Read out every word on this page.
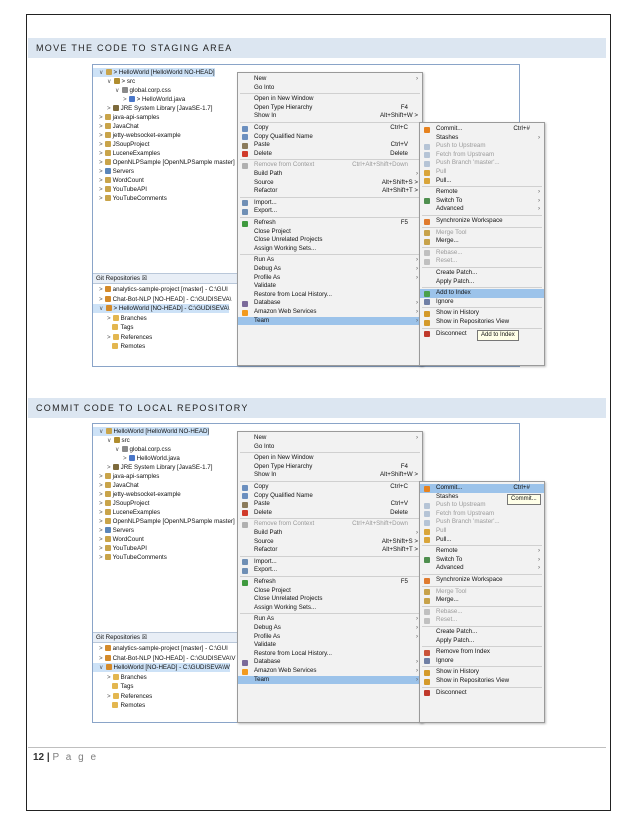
MOVE THE CODE TO STAGING AREA
∨ > HelloWorld [HelloWorld NO-HEAD]
∨ > src
∨ global.corp.css
> > HelloWorld.java
> JRE System Library [JavaSE-1.7]
> java-api-samples
> JavaChat
> jetty-websocket-example
> JSoupProject
> LuceneExamples
> OpenNLPSample [OpenNLPSample master]
> Servers
> WordCount
> YouTubeAPI
> YouTubeComments
Git Repositories ☒
> analytics-sample-project [master] - C:\GUI
> Chat-Bot-NLP [NO-HEAD] - C:\GUDISEVA\
∨ > HelloWorld [NO-HEAD] - C:\GUDISEVA\
> Branches
Tags
> References
Remotes
New	›
Go Into
Open in New Window
Open Type Hierarchy	F4
Show In	Alt+Shift+W >
Copy	Ctrl+C
Copy Qualified Name
Paste	Ctrl+V
Delete	Delete
Remove from Context	Ctrl+Alt+Shift+Down
Build Path	›
Source	Alt+Shift+S >
Refactor	Alt+Shift+T >
Import...
Export...
Refresh	F5
Close Project
Close Unrelated Projects
Assign Working Sets...
Run As	›
Debug As	›
Profile As	›
Validate
Restore from Local History...
Database	›
Amazon Web Services	›
Team	›
Commit...	Ctrl+#
Stashes	›
Push to Upstream
Fetch from Upstream
Push Branch 'master'...
Pull
Pull...
Remote	›
Switch To	›
Advanced	›
Synchronize Workspace
Merge Tool
Merge...
Rebase...
Reset...
Create Patch...
Apply Patch...
Add to Index
Ignore
Show in History
Show in Repositories View
Disconnect	Add to Index
COMMIT CODE TO LOCAL REPOSITORY
∨ HelloWorld [HelloWorld NO-HEAD]
∨ src
∨ global.corp.css
> HelloWorld.java
> JRE System Library [JavaSE-1.7]
> java-api-samples
> JavaChat
> jetty-websocket-example
> JSoupProject
> LuceneExamples
> OpenNLPSample [OpenNLPSample master]
> Servers
> WordCount
> YouTubeAPI
> YouTubeComments
Git Repositories ☒
> analytics-sample-project [master] - C:\GUI
> Chat-Bot-NLP [NO-HEAD] - C:\GUDISEVA\V
∨ HelloWorld [NO-HEAD] - C:\GUDISEVA\W
> Branches
Tags
> References
Remotes
New	›
Go Into
Open in New Window
Open Type Hierarchy	F4
Show In	Alt+Shift+W >
Copy	Ctrl+C
Copy Qualified Name
Paste	Ctrl+V
Delete	Delete
Remove from Context	Ctrl+Alt+Shift+Down
Build Path	›
Source	Alt+Shift+S >
Refactor	Alt+Shift+T >
Import...
Export...
Refresh	F5
Close Project
Close Unrelated Projects
Assign Working Sets...
Run As	›
Debug As	›
Profile As	›
Validate
Restore from Local History...
Database	›
Amazon Web Services	›
Team	›
Commit...	Ctrl+#
Stashes
Push to Upstream
Fetch from Upstream
Push Branch 'master'...
Pull
Pull...
Remote	›
Switch To	›
Advanced	›
Synchronize Workspace
Merge Tool
Merge...
Rebase...
Reset...
Create Patch...
Apply Patch...
Remove from Index
Ignore
Show in History
Show in Repositories View
Disconnect
Commit...
12 | P a g e
